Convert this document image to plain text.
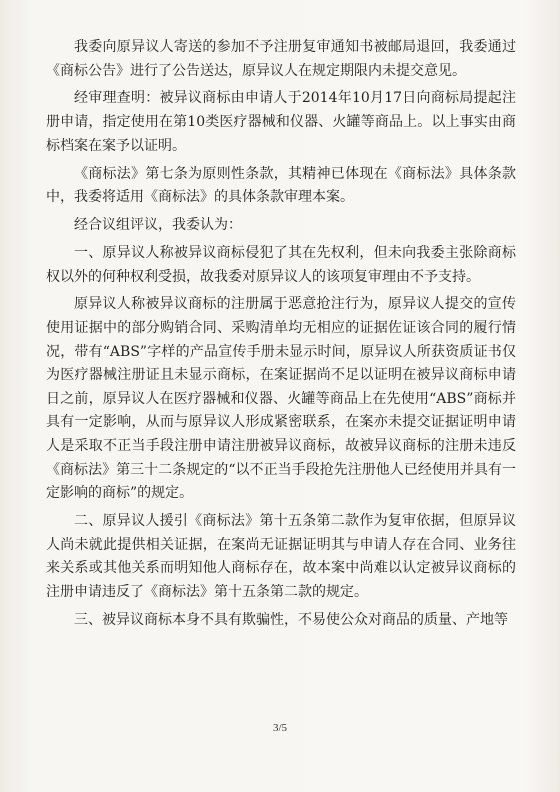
我委向原异议人寄送的参加不予注册复审通知书被邮局退回，我委通过《商标公告》进行了公告送达，原异议人在规定期限内未提交意见。

经审理查明：被异议商标由申请人于2014年10月17日向商标局提起注册申请，指定使用在第10类医疗器械和仪器、火罐等商品上。以上事实由商标档案在案予以证明。

《商标法》第七条为原则性条款，其精神已体现在《商标法》具体条款中，我委将适用《商标法》的具体条款审理本案。

经合议组评议，我委认为：

一、原异议人称被异议商标侵犯了其在先权利，但未向我委主张除商标权以外的何种权利受损，故我委对原异议人的该项复审理由不予支持。

原异议人称被异议商标的注册属于恶意抢注行为，原异议人提交的宣传使用证据中的部分购销合同、采购清单均无相应的证据佐证该合同的履行情况，带有“ABS”字样的产品宣传手册未显示时间，原异议人所获资质证书仅为医疗器械注册证且未显示商标，在案证据尚不足以证明在被异议商标申请日之前，原异议人在医疗器械和仪器、火罐等商品上在先使用“ABS”商标并具有一定影响，从而与原异议人形成紧密联系，在案亦未提交证据证明申请人是采取不正当手段注册申请注册被异议商标，故被异议商标的注册未违反《商标法》第三十二条规定的“以不正当手段抢先注册他人已经使用并具有一定影响的商标”的规定。

二、原异议人援引《商标法》第十五条第二款作为复审依据，但原异议人尚未就此提供相关证据，在案尚无证据证明其与申请人存在合同、业务往来关系或其他关系而明知他人商标存在，故本案中尚难以认定被异议商标的注册申请违反了《商标法》第十五条第二款的规定。

三、被异议商标本身不具有欺骗性，不易使公众对商品的质量、产地等

3/5
